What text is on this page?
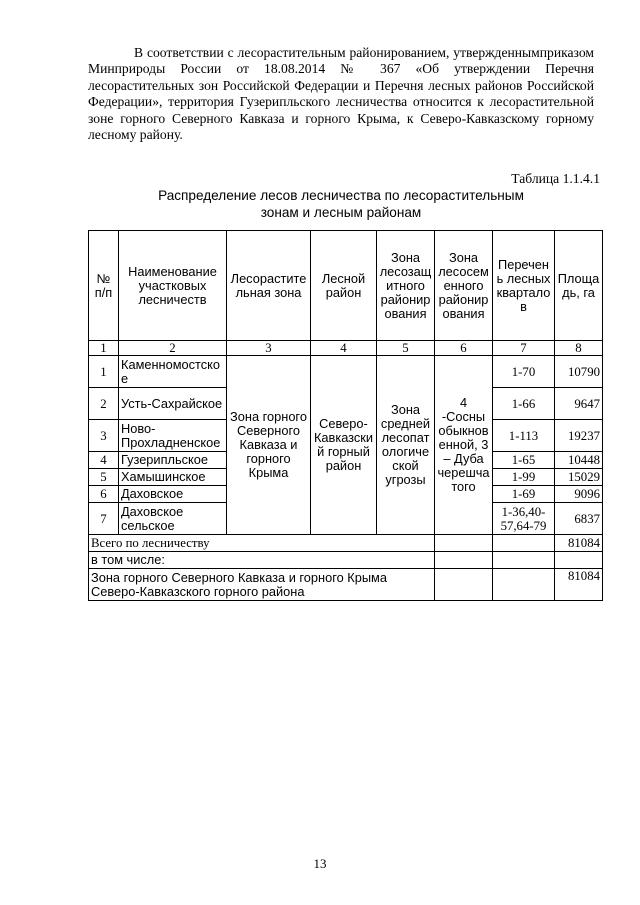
В соответствии с лесорастительным районированием, утвержденнымприказом Минприроды России от 18.08.2014 № 367 «Об утверждении Перечня лесорастительных зон Российской Федерации и Перечня лесных районов Российской Федерации», территория Гузерипльского лесничества относится к лесорастительной зоне горного Северного Кавказа и горного Крыма, к Северо-Кавказскому горному лесному району.

Таблица 1.1.4.1
Распределение лесов лесничества по лесорастительным
зонам и лесным районам
№ п/п	Наименование участковых лесничеств	Лесорастительная зона	Лесной район	Зона лесозащитного районирования	Зона лесосеменного районирования	Перечень лесных кварталов	Площадь, га
1	2	3	4	5	6	7	8
1	Каменномостское	Зона горного Северного Кавказа и горного Крыма	Северо-Кавказский горный район	Зона средней лесопатологической угрозы	4 -Сосны обыкновенной, 3 – Дуба черешчатого	1-70	10790
2	Усть-Сахрайское					1-66	9647
3	Ново-Прохладненское					1-113	19237
4	Гузерипльское					1-65	10448
5	Хамышинское					1-99	15029
6	Даховское					1-69	9096
7	Даховское сельское					1-36,40-57,64-79	6837
Всего по лесничеству							81084
в том числе:							
Зона горного Северного Кавказа и горного Крыма Северо-Кавказского горного района							81084
13
